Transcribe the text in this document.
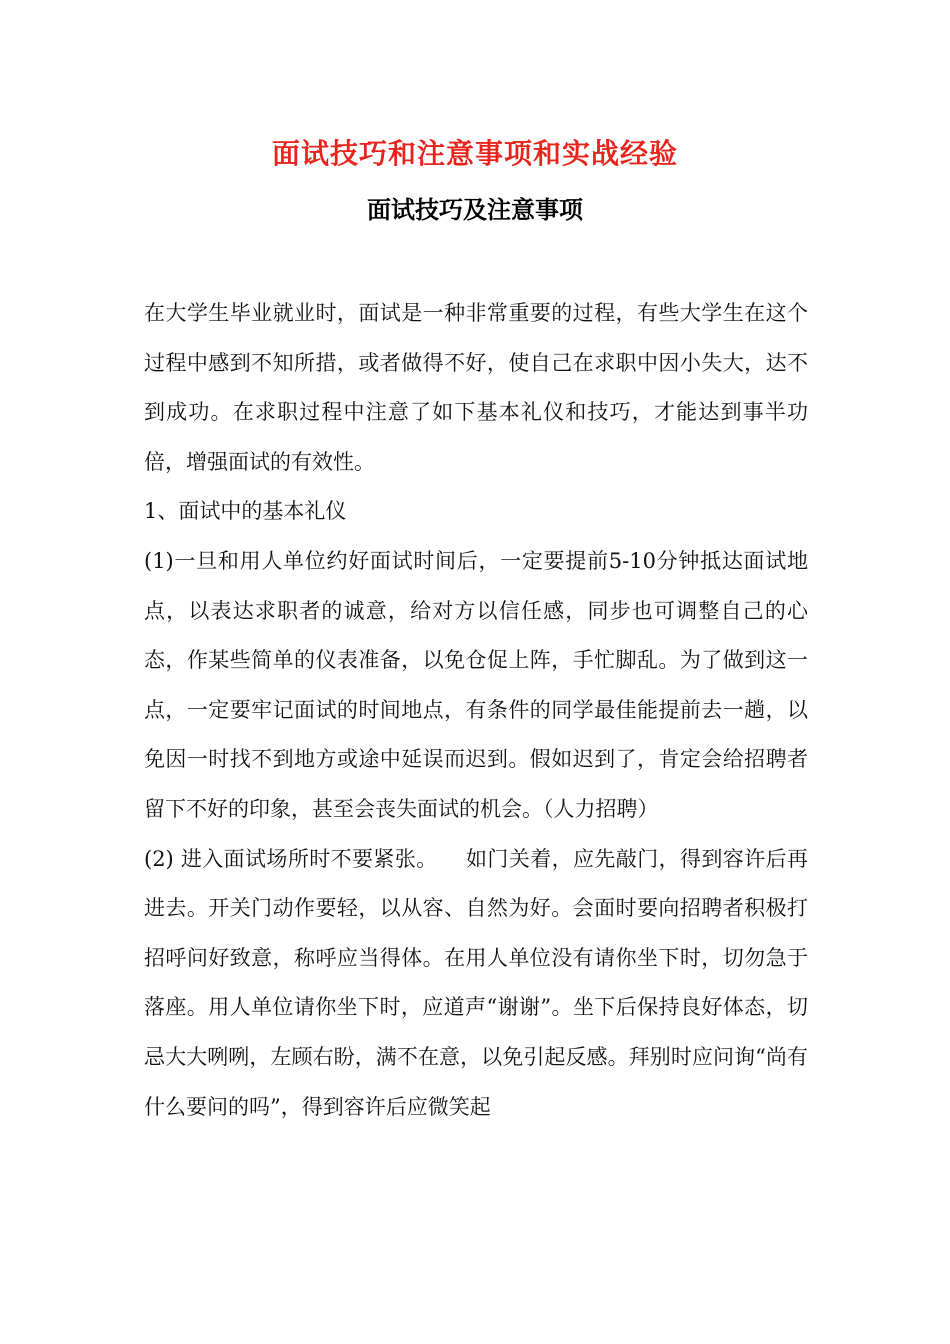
面试技巧和注意事项和实战经验
面试技巧及注意事项

在大学生毕业就业时，面试是一种非常重要的过程，有些大学生在这个过程中感到不知所措，或者做得不好，使自己在求职中因小失大，达不到成功。在求职过程中注意了如下基本礼仪和技巧，才能达到事半功倍，增强面试的有效性。

1、面试中的基本礼仪

(1)一旦和用人单位约好面试时间后，一定要提前5-10分钟抵达面试地点，以表达求职者的诚意，给对方以信任感，同步也可调整自己的心态，作某些简单的仪表准备，以免仓促上阵，手忙脚乱。为了做到这一点，一定要牢记面试的时间地点，有条件的同学最佳能提前去一趟，以免因一时找不到地方或途中延误而迟到。假如迟到了，肯定会给招聘者留下不好的印象，甚至会丧失面试的机会。（人力招聘）

(2) 进入面试场所时不要紧张。 如门关着，应先敲门，得到容许后再进去。开关门动作要轻，以从容、自然为好。会面时要向招聘者积极打招呼问好致意，称呼应当得体。在用人单位没有请你坐下时，切勿急于落座。用人单位请你坐下时，应道声“谢谢”。坐下后保持良好体态，切忌大大咧咧，左顾右盼，满不在意，以免引起反感。拜别时应问询“尚有什么要问的吗”，得到容许后应微笑起
